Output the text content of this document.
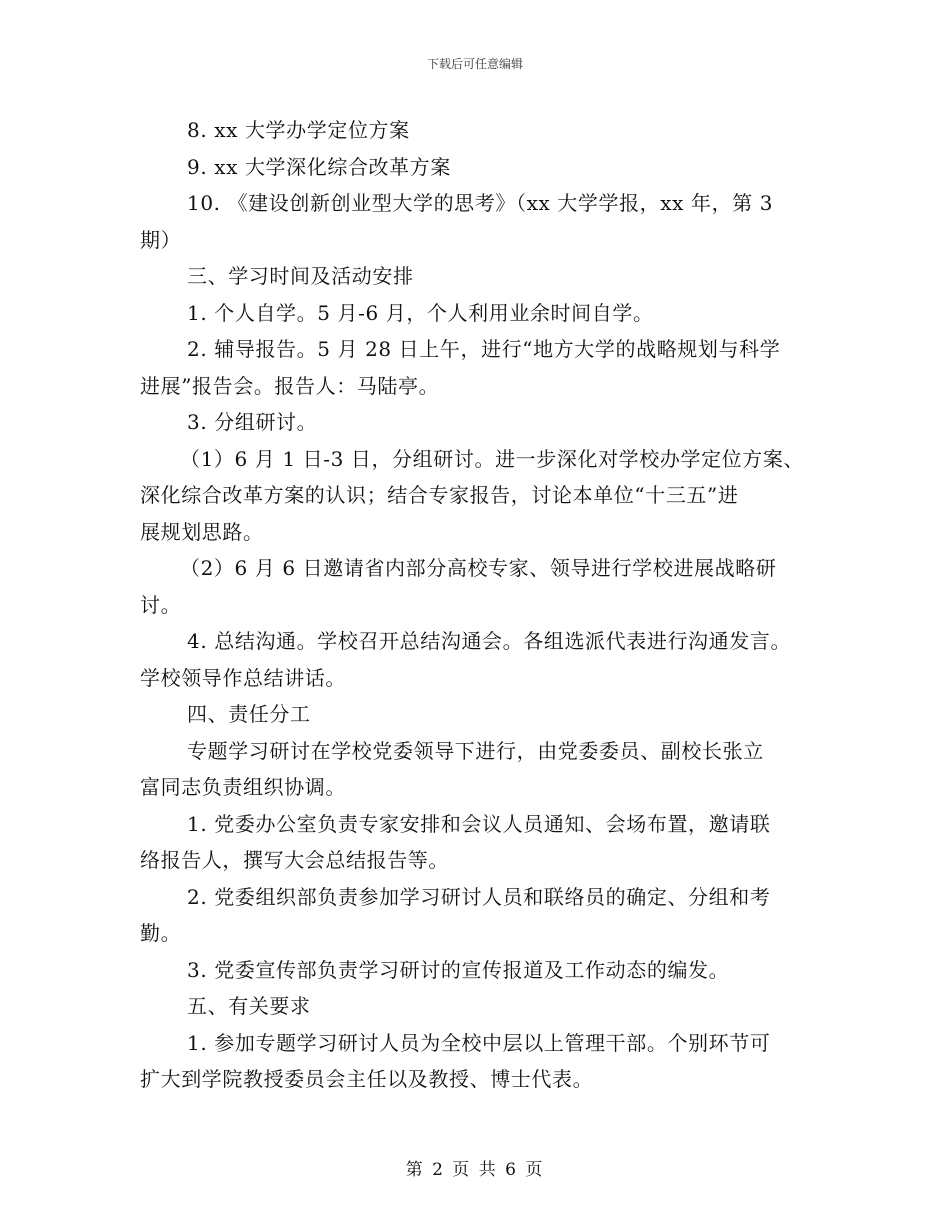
下载后可任意编辑
8. xx 大学办学定位方案
9. xx 大学深化综合改革方案
10. 《建设创新创业型大学的思考》（xx 大学学报，xx 年，第 3
期）
三、学习时间及活动安排
1. 个人自学。5 月-6 月，个人利用业余时间自学。
2. 辅导报告。5 月 28 日上午，进行“地方大学的战略规划与科学
进展”报告会。报告人：马陆亭。
3. 分组研讨。
（1）6 月 1 日-3 日，分组研讨。进一步深化对学校办学定位方案、
深化综合改革方案的认识；结合专家报告，讨论本单位“十三五”进
展规划思路。
（2）6 月 6 日邀请省内部分高校专家、领导进行学校进展战略研
讨。
4. 总结沟通。学校召开总结沟通会。各组选派代表进行沟通发言。
学校领导作总结讲话。
四、责任分工
专题学习研讨在学校党委领导下进行，由党委委员、副校长张立
富同志负责组织协调。
1. 党委办公室负责专家安排和会议人员通知、会场布置，邀请联
络报告人，撰写大会总结报告等。
2. 党委组织部负责参加学习研讨人员和联络员的确定、分组和考
勤。
3. 党委宣传部负责学习研讨的宣传报道及工作动态的编发。
五、有关要求
1. 参加专题学习研讨人员为全校中层以上管理干部。个别环节可
扩大到学院教授委员会主任以及教授、博士代表。
第 2 页 共 6 页
